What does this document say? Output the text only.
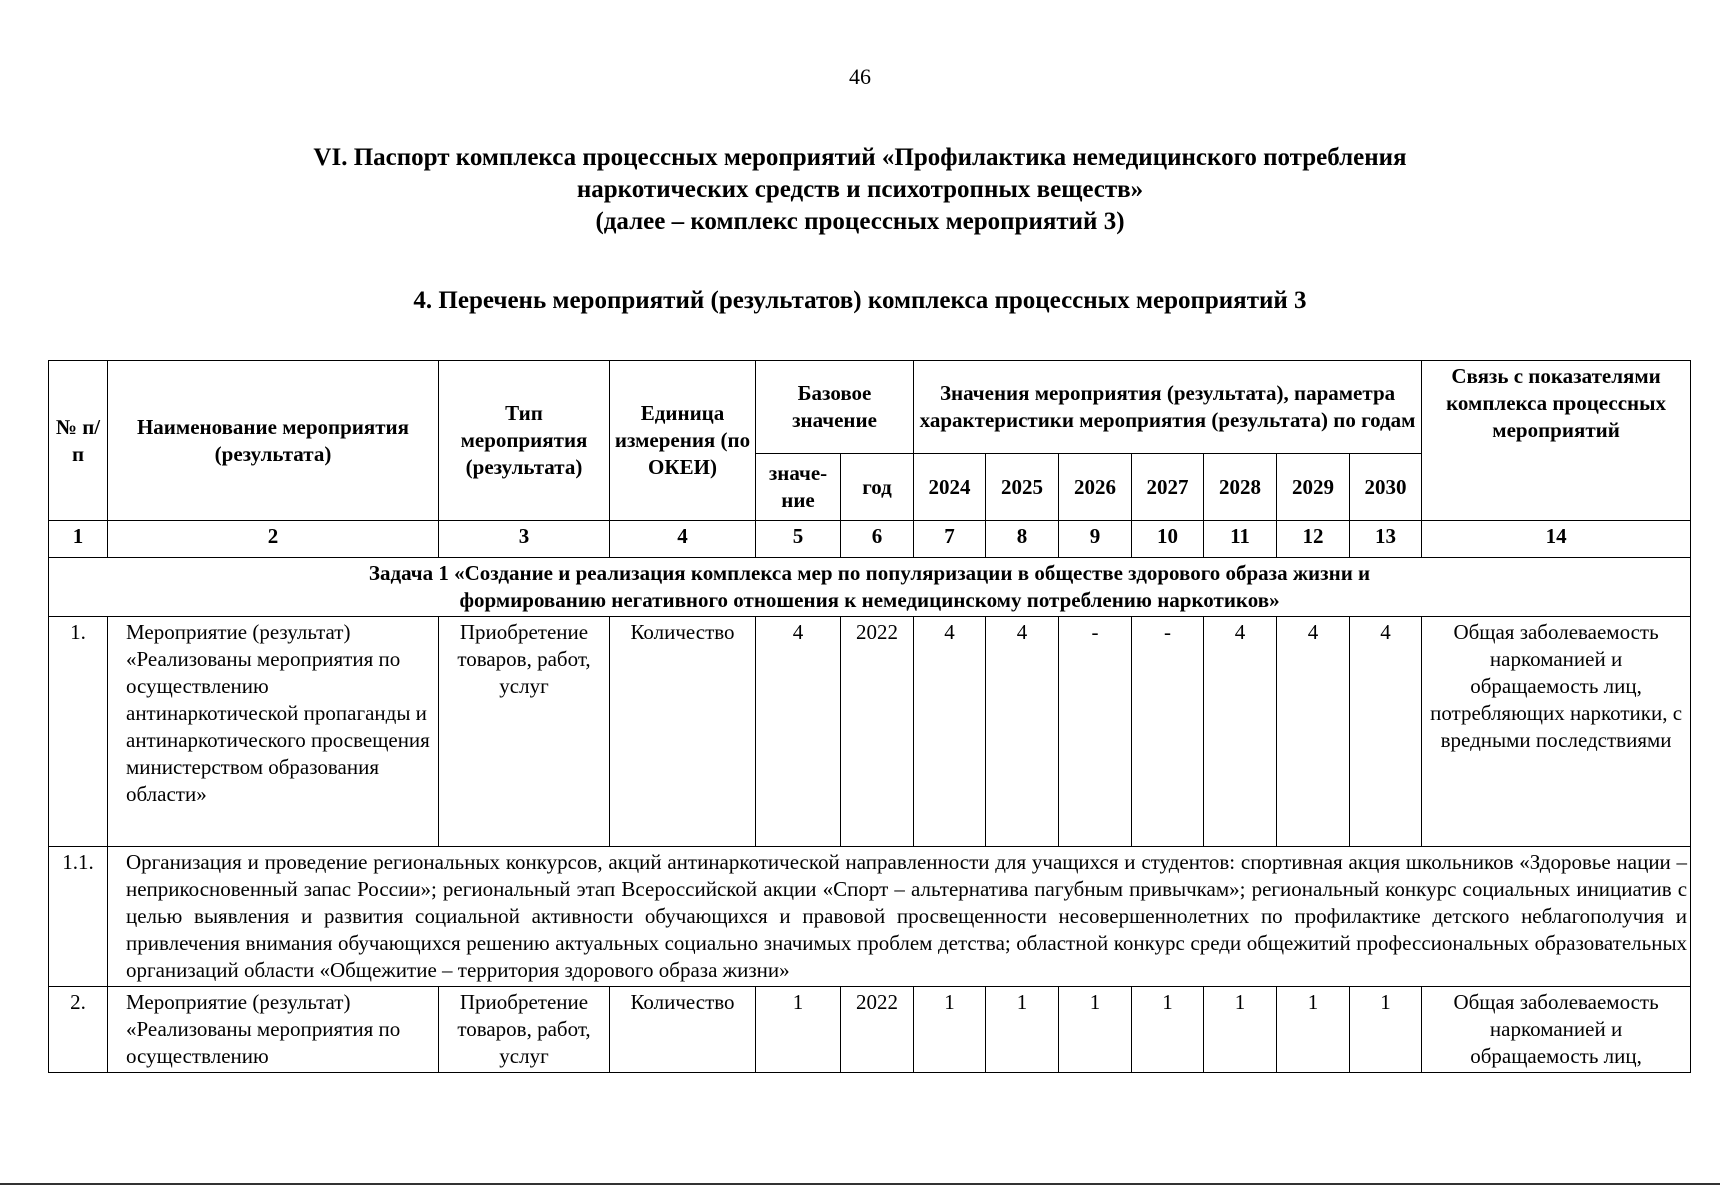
46
VI. Паспорт комплекса процессных мероприятий «Профилактика немедицинского потребления
наркотических средств и психотропных веществ»
(далее – комплекс процессных мероприятий 3)
4. Перечень мероприятий (результатов) комплекса процессных мероприятий 3
№ п/п	Наименование мероприятия (результата)	Тип мероприятия (результата)	Единица измерения (по ОКЕИ)	Базовое значение		Значения мероприятия (результата), параметра характеристики мероприятия (результата) по годам							Связь с показателями комплекса процессных мероприятий
				значе-ние	год	2024	2025	2026	2027	2028	2029	2030	
1	2	3	4	5	6	7	8	9	10	11	12	13	14
Задача 1 «Создание и реализация комплекса мер по популяризации в обществе здорового образа жизни и формированию негативного отношения к немедицинскому потреблению наркотиков»													
1.	Мероприятие (результат) «Реализованы мероприятия по осуществлению антинаркотической пропаганды и антинаркотического просвещения министерством образования области»	Приобретение товаров, работ, услуг	Количество	4	2022	4	4	-	-	4	4	4	Общая заболеваемость наркоманией и обращаемость лиц, потребляющих наркотики, с вредными последствиями
1.1.	Организация и проведение региональных конкурсов, акций антинаркотической направленности для учащихся и студентов: спортивная акция школьников «Здоровье нации – неприкосновенный запас России»; региональный этап Всероссийской акции «Спорт – альтернатива пагубным привычкам»; региональный конкурс социальных инициатив с целью выявления и развития социальной активности обучающихся и правовой просвещенности несовершеннолетних по профилактике детского неблагополучия и привлечения внимания обучающихся решению актуальных социально значимых проблем детства; областной конкурс среди общежитий профессиональных образовательных организаций области «Общежитие – территория здорового образа жизни»												
2.	Мероприятие (результат) «Реализованы мероприятия по осуществлению	Приобретение товаров, работ, услуг	Количество	1	2022	1	1	1	1	1	1	1	Общая заболеваемость наркоманией и обращаемость лиц,
